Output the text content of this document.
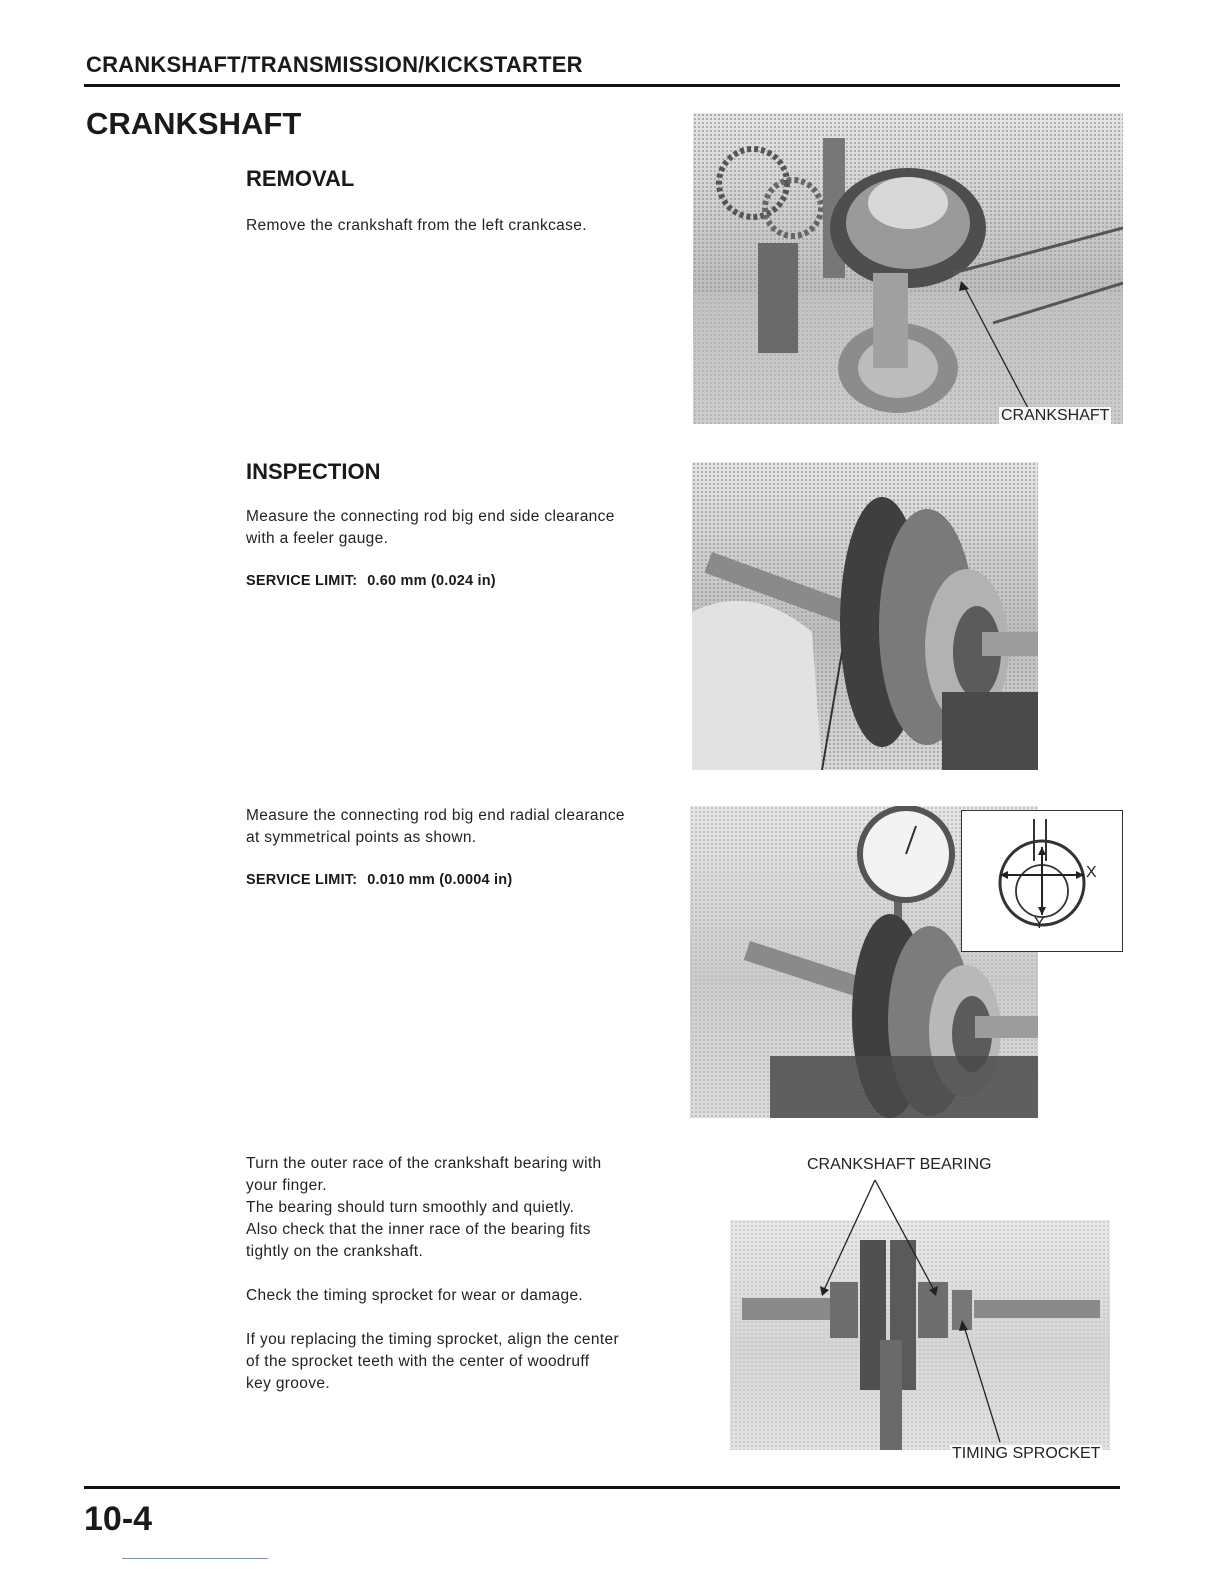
CRANKSHAFT/TRANSMISSION/KICKSTARTER
CRANKSHAFT
REMOVAL

Remove the crankshaft from the left crankcase.

CRANKSHAFT
INSPECTION

Measure the connecting rod big end side clearance

with a feeler gauge.

SERVICE LIMIT: 0.60 mm (0.024 in)

Measure the connecting rod big end radial clearance

at symmetrical points as shown.

SERVICE LIMIT: 0.010 mm (0.0004 in)	X
Y

Turn the outer race of the crankshaft bearing with

your finger.

The bearing should turn smoothly and quietly.

Also check that the inner race of the bearing fits

tightly on the crankshaft.

Check the timing sprocket for wear or damage.

If you replacing the timing sprocket, align the center

of the sprocket teeth with the center of woodruff

key groove.

CRANKSHAFT BEARING
TIMING SPROCKET
10-4
